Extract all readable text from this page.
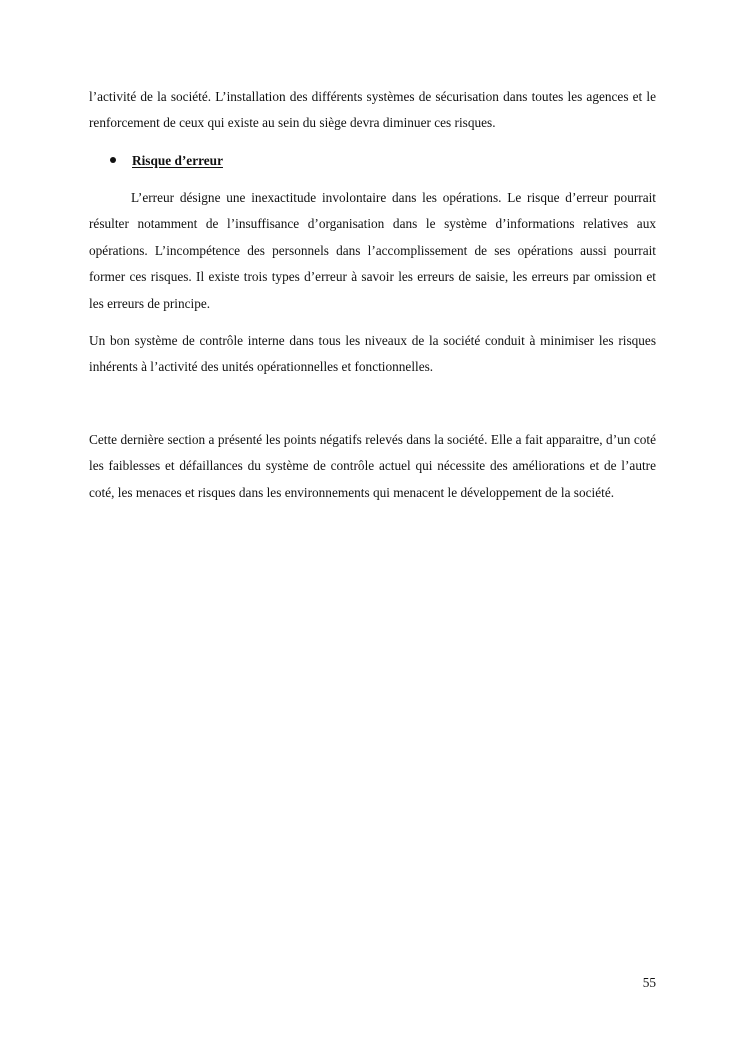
l’activité de la société. L’installation des différents systèmes de sécurisation dans toutes les agences et le renforcement de ceux qui existe au sein du siège devra diminuer ces risques.

Risque d’erreur

L’erreur désigne une inexactitude involontaire dans les opérations. Le risque d’erreur pourrait résulter notamment de l’insuffisance d’organisation dans le système d’informations relatives aux opérations. L’incompétence des personnels dans l’accomplissement de ses opérations aussi pourrait former ces risques. Il existe trois types d’erreur à savoir les erreurs de saisie, les erreurs par omission et les erreurs de principe.

Un bon système de contrôle interne dans tous les niveaux de la société conduit à minimiser les risques inhérents à l’activité des unités opérationnelles et fonctionnelles.

Cette dernière section a présenté les points négatifs relevés dans la société. Elle a fait apparaitre, d’un coté les faiblesses et défaillances du système de contrôle actuel qui nécessite des améliorations et de l’autre coté, les menaces et risques dans les environnements qui menacent le développement de la société.

55
